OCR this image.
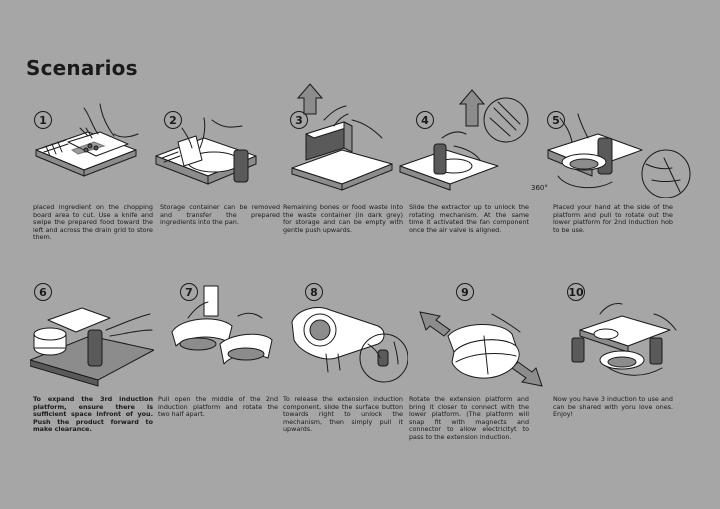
Scenarios
1
placed ingredient on the chopping board area to cut. Use a knife and swipe the prepared food toward the left and across the drain grid to store them.
2
Storage container can be removed and transfer the prepared ingredients into the pan.
3
Remaining bones or food waste into the waste container (in dark grey) for storage and can be empty with gentle push upwards.
4
Slide the extractor up to unlock the rotating mechanism. At the same time it activated the fan component once the air valve is aligned.
5
360°
Placed your hand at the side of the platform and pull to rotate out the lower platform for 2nd induction hob to be use.
6
To expand the 3rd induction platform, ensure there is sufficient space infront of you. Push the product forward to make clearance.
7
Pull open the middle of the 2nd induction platform and rotate the two half apart.
8
To release the extension induction component, slide the surface button towards right to unlock the mechanism, then simply pull it upwards.
9
Rotate the extension platform and bring it closer to connect with the lower platform. (The platform will snap fit with magnects and connector to allow electricityt to pass to the extension induction.
10
Now you have 3 induction to use and can be shared with yoru love ones. Enjoy!
